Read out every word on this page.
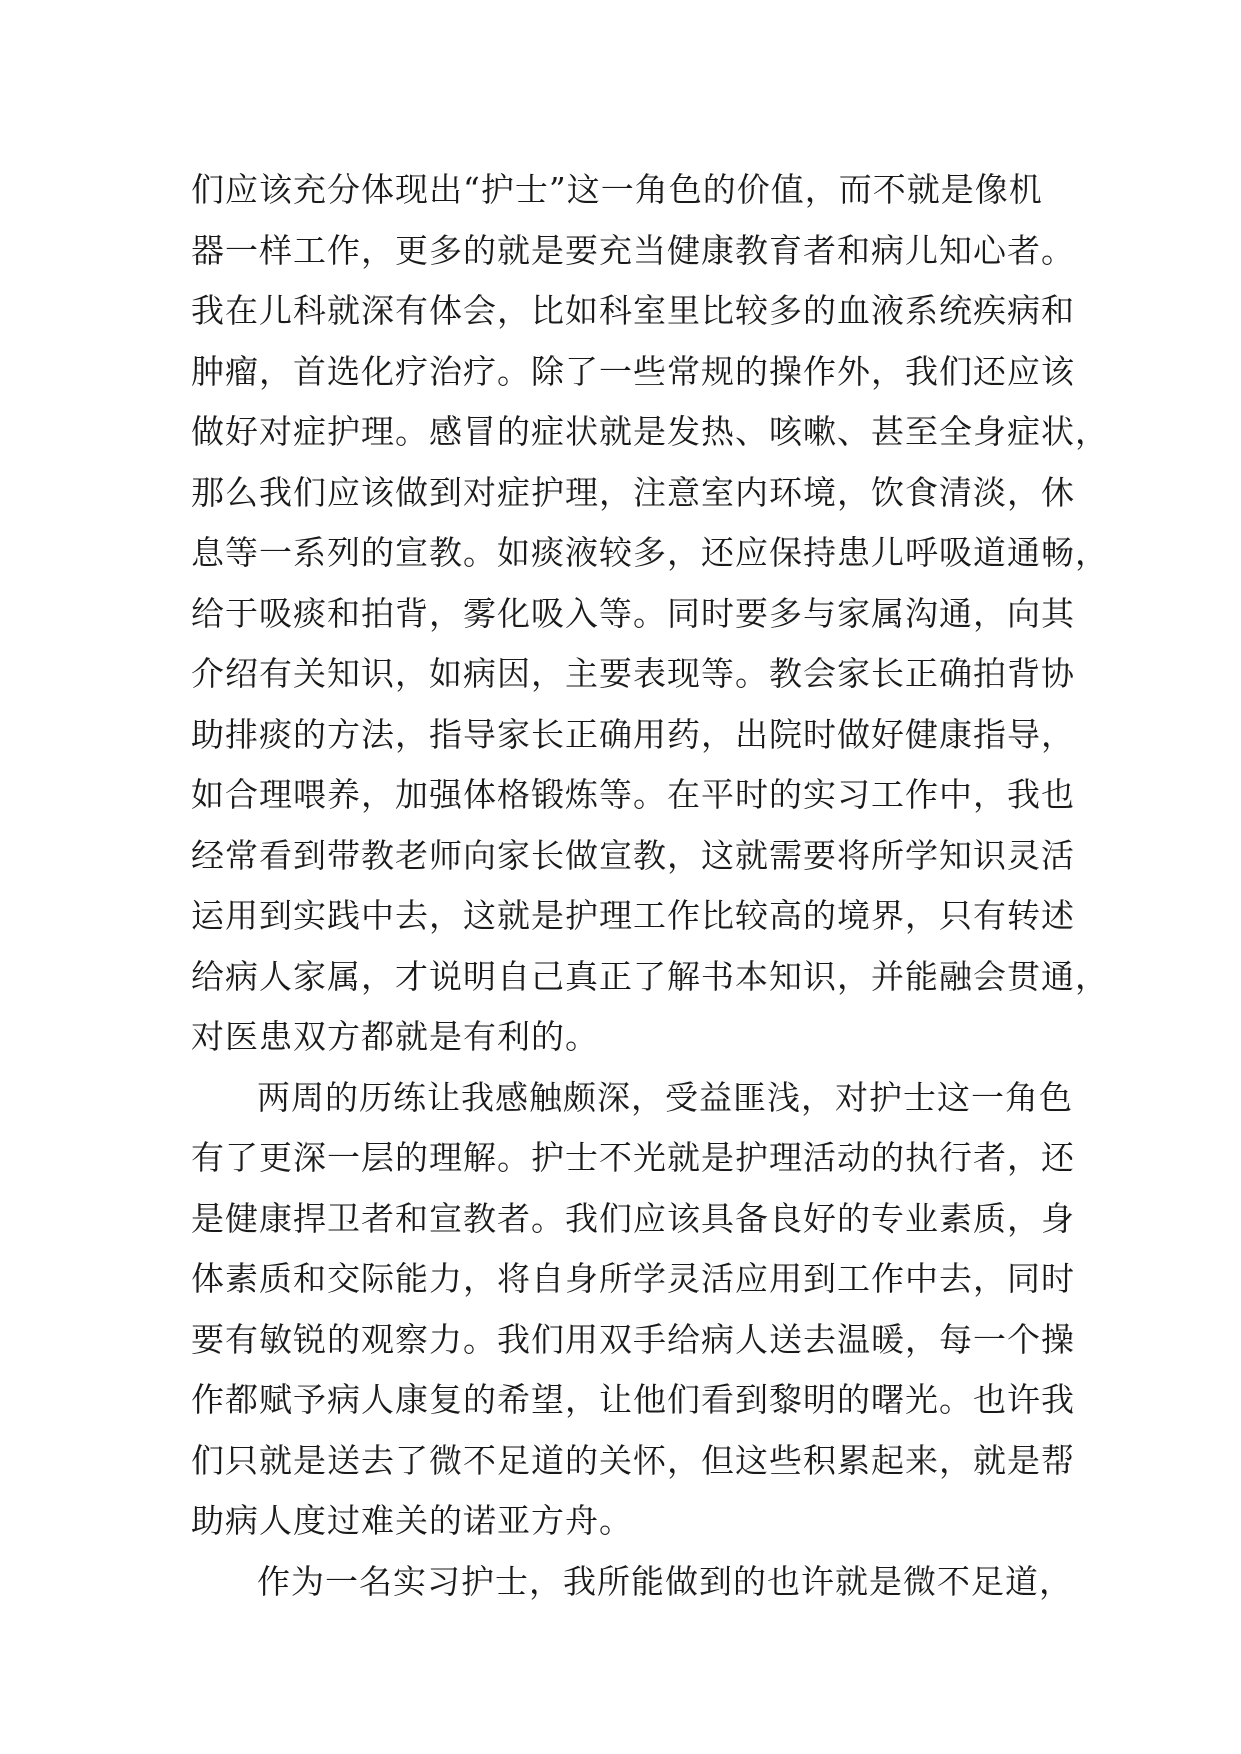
们应该充分体现出“护士”这一角色的价值，而不就是像机
器一样工作，更多的就是要充当健康教育者和病儿知心者。
我在儿科就深有体会，比如科室里比较多的血液系统疾病和
肿瘤，首选化疗治疗。除了一些常规的操作外，我们还应该
做好对症护理。感冒的症状就是发热、咳嗽、甚至全身症状，
那么我们应该做到对症护理，注意室内环境，饮食清淡，休
息等一系列的宣教。如痰液较多，还应保持患儿呼吸道通畅，
给于吸痰和拍背，雾化吸入等。同时要多与家属沟通，向其
介绍有关知识，如病因，主要表现等。教会家长正确拍背协
助排痰的方法，指导家长正确用药，出院时做好健康指导，
如合理喂养，加强体格锻炼等。在平时的实习工作中，我也
经常看到带教老师向家长做宣教，这就需要将所学知识灵活
运用到实践中去，这就是护理工作比较高的境界，只有转述
给病人家属，才说明自己真正了解书本知识，并能融会贯通，
对医患双方都就是有利的。
两周的历练让我感触颇深，受益匪浅，对护士这一角色
有了更深一层的理解。护士不光就是护理活动的执行者，还
是健康捍卫者和宣教者。我们应该具备良好的专业素质，身
体素质和交际能力，将自身所学灵活应用到工作中去，同时
要有敏锐的观察力。我们用双手给病人送去温暖，每一个操
作都赋予病人康复的希望，让他们看到黎明的曙光。也许我
们只就是送去了微不足道的关怀，但这些积累起来，就是帮
助病人度过难关的诺亚方舟。
作为一名实习护士，我所能做到的也许就是微不足道，
